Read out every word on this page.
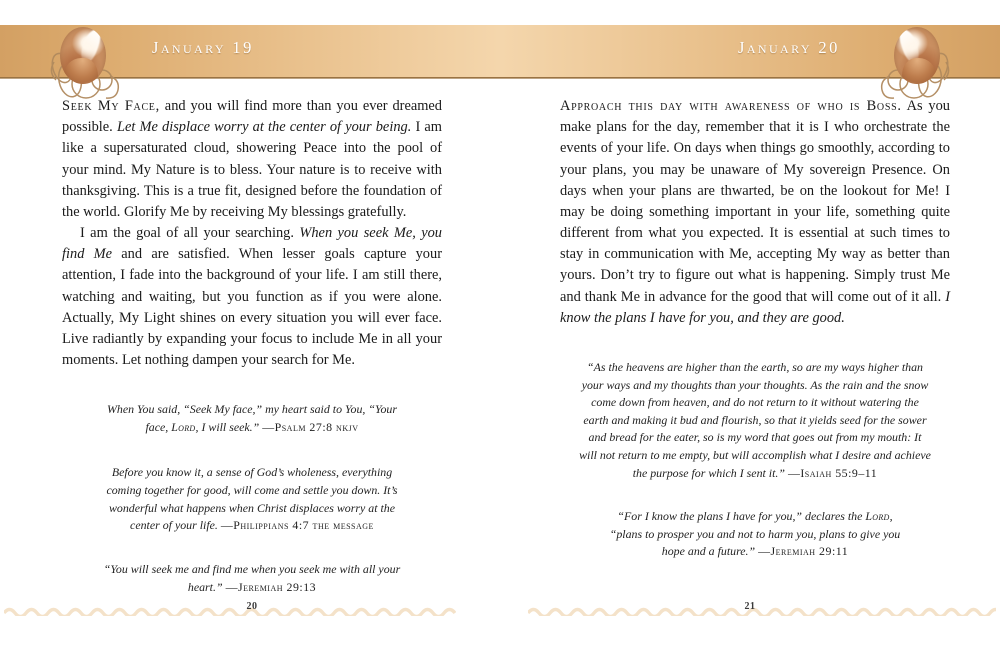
January 19	January 20

Seek My Face, and you will find more than you ever dreamed possible. Let Me displace worry at the center of your being. I am like a supersaturated cloud, showering Peace into the pool of your mind. My Nature is to bless. Your nature is to receive with thanksgiving. This is a true fit, designed before the foundation of the world. Glorify Me by receiving My blessings gratefully.

I am the goal of all your searching. When you seek Me, you find Me and are satisfied. When lesser goals capture your attention, I fade into the background of your life. I am still there, watching and waiting, but you function as if you were alone. Actually, My Light shines on every situation you will ever face. Live radiantly by expanding your focus to include Me in all your moments. Let nothing dampen your search for Me.

When You said, “Seek My face,” my heart said to You, “Your face, Lord, I will seek.” —Psalm 27:8 nkjv
Before you know it, a sense of God’s wholeness, everything coming together for good, will come and settle you down. It’s wonderful what happens when Christ displaces worry at the center of your life. —Philippians 4:7 the message
“You will seek me and find me when you seek me with all your heart.” —Jeremiah 29:13

Approach this day with awareness of who is Boss. As you make plans for the day, remember that it is I who orchestrate the events of your life. On days when things go smoothly, according to your plans, you may be unaware of My sovereign Presence. On days when your plans are thwarted, be on the lookout for Me! I may be doing something important in your life, something quite different from what you expected. It is essential at such times to stay in communication with Me, accepting My way as better than yours. Don’t try to figure out what is happening. Simply trust Me and thank Me in advance for the good that will come out of it all. I know the plans I have for you, and they are good.

“As the heavens are higher than the earth, so are my ways higher than your ways and my thoughts than your thoughts. As the rain and the snow come down from heaven, and do not return to it without watering the earth and making it bud and flourish, so that it yields seed for the sower and bread for the eater, so is my word that goes out from my mouth: It will not return to me empty, but will accomplish what I desire and achieve the purpose for which I sent it.” —Isaiah 55:9–11
“For I know the plans I have for you,” declares the Lord, “plans to prosper you and not to harm you, plans to give you hope and a future.” —Jeremiah 29:11
20	21
